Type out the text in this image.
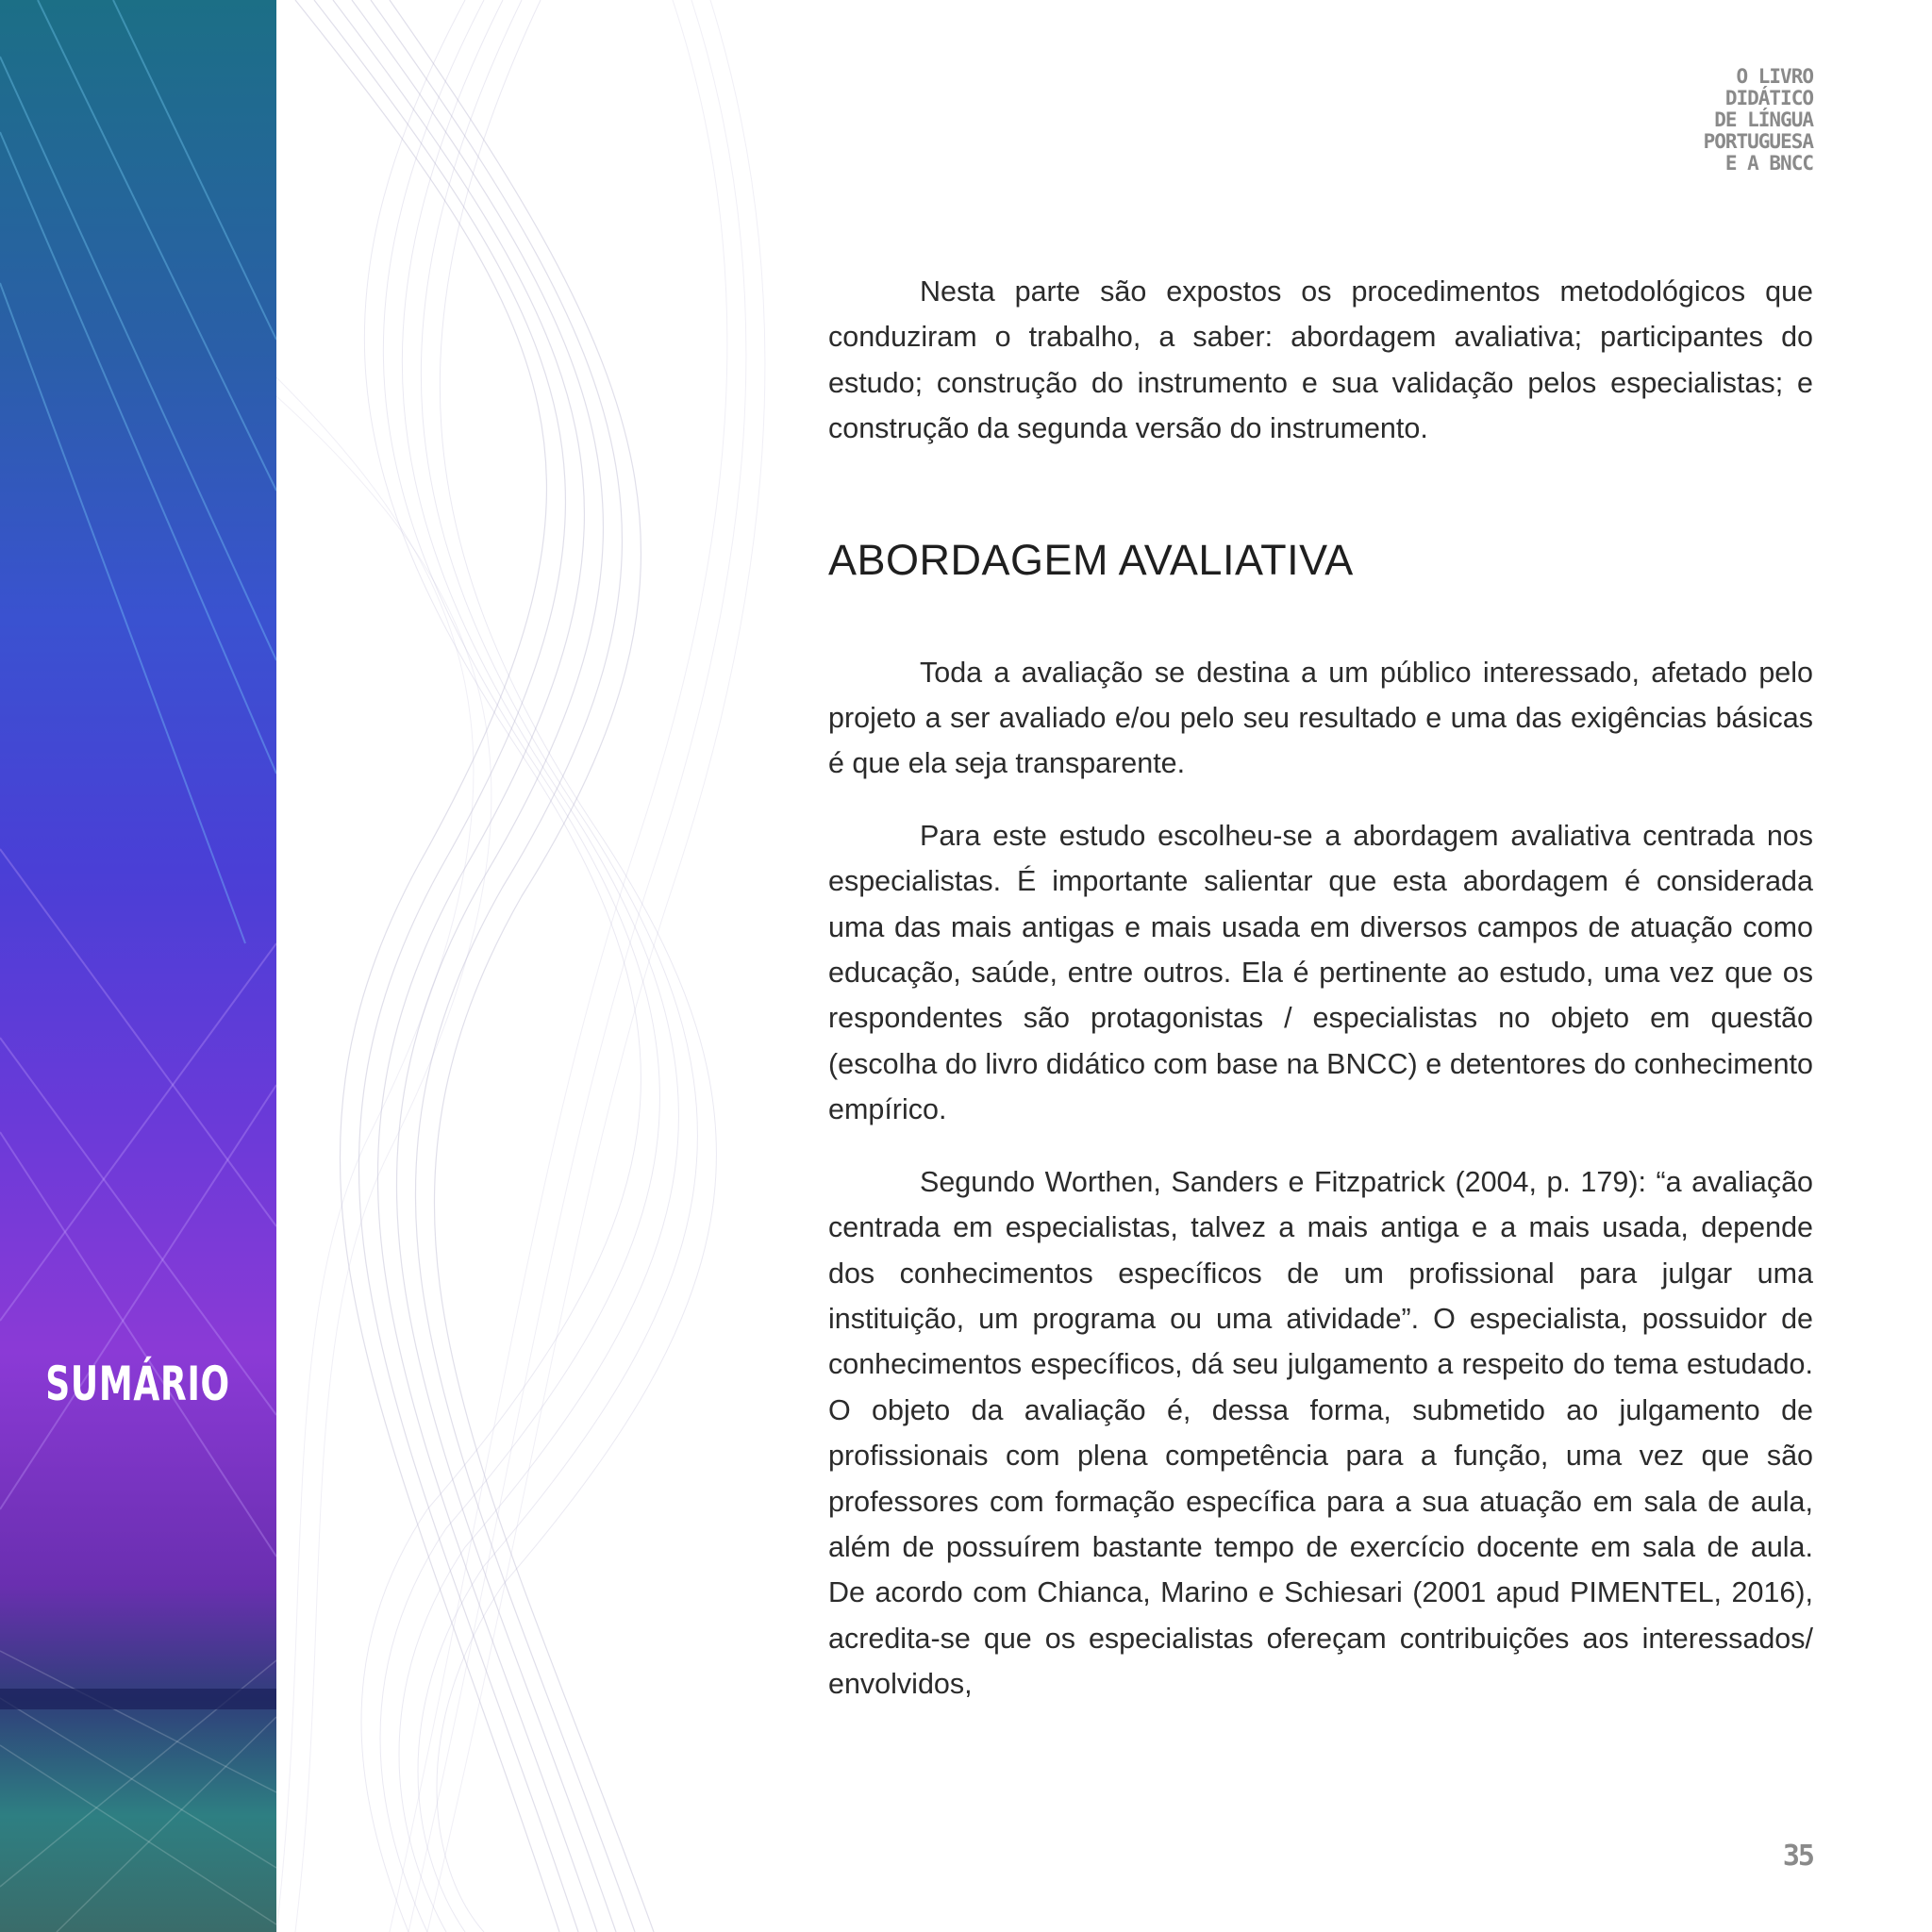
SUMÁRIO
O LIVRO
DIDÁTICO
DE LÍNGUA
PORTUGUESA
E A BNCC

Nesta parte são expostos os procedimentos metodológicos que conduziram o trabalho, a saber: abordagem avaliativa; participantes do estudo; construção do instrumento e sua validação pelos especialistas; e construção da segunda versão do instrumento.

ABORDAGEM AVALIATIVA

Toda a avaliação se destina a um público interessado, afetado pelo projeto a ser avaliado e/ou pelo seu resultado e uma das exigências básicas é que ela seja transparente.

Para este estudo escolheu-se a abordagem avaliativa centrada nos especialistas. É importante salientar que esta abordagem é considerada uma das mais antigas e mais usada em diversos campos de atuação como educação, saúde, entre outros. Ela é pertinente ao estudo, uma vez que os respondentes são protagonistas / especialistas no objeto em questão (escolha do livro didático com base na BNCC) e detentores do conhecimento empírico.

Segundo Worthen, Sanders e Fitzpatrick (2004, p. 179): “a avaliação centrada em especialistas, talvez a mais antiga e a mais usada, depende dos conhecimentos específicos de um profissional para julgar uma instituição, um programa ou uma atividade”. O especialista, possuidor de conhecimentos específicos, dá seu julgamento a respeito do tema estudado. O objeto da avaliação é, dessa forma, submetido ao julgamento de profissionais com plena competência para a função, uma vez que são professores com formação específica para a sua atuação em sala de aula, além de possuírem bastante tempo de exercício docente em sala de aula. De acordo com Chianca, Marino e Schiesari (2001 apud PIMENTEL, 2016), acredita-se que os especialistas ofereçam contribuições aos interessados/ envolvidos,

35
